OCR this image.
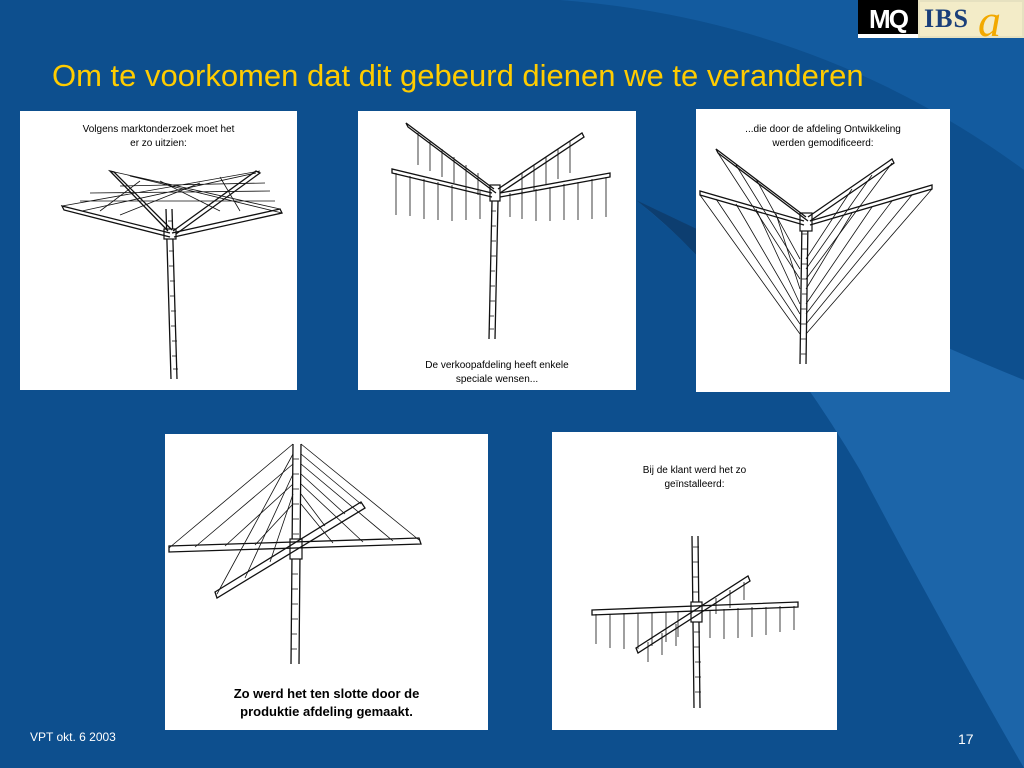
MQ IBS a
Om te voorkomen dat dit gebeurd dienen we te veranderen
Volgens marktonderzoek moet het
er zo uitzien:
De verkoopafdeling heeft enkele
speciale wensen...
...die door de afdeling Ontwikkeling
werden gemodificeerd:
Zo werd het ten slotte door de
produktie afdeling gemaakt.
Bij de klant werd het zo
geïnstalleerd:
VPT okt. 6 2003	17
